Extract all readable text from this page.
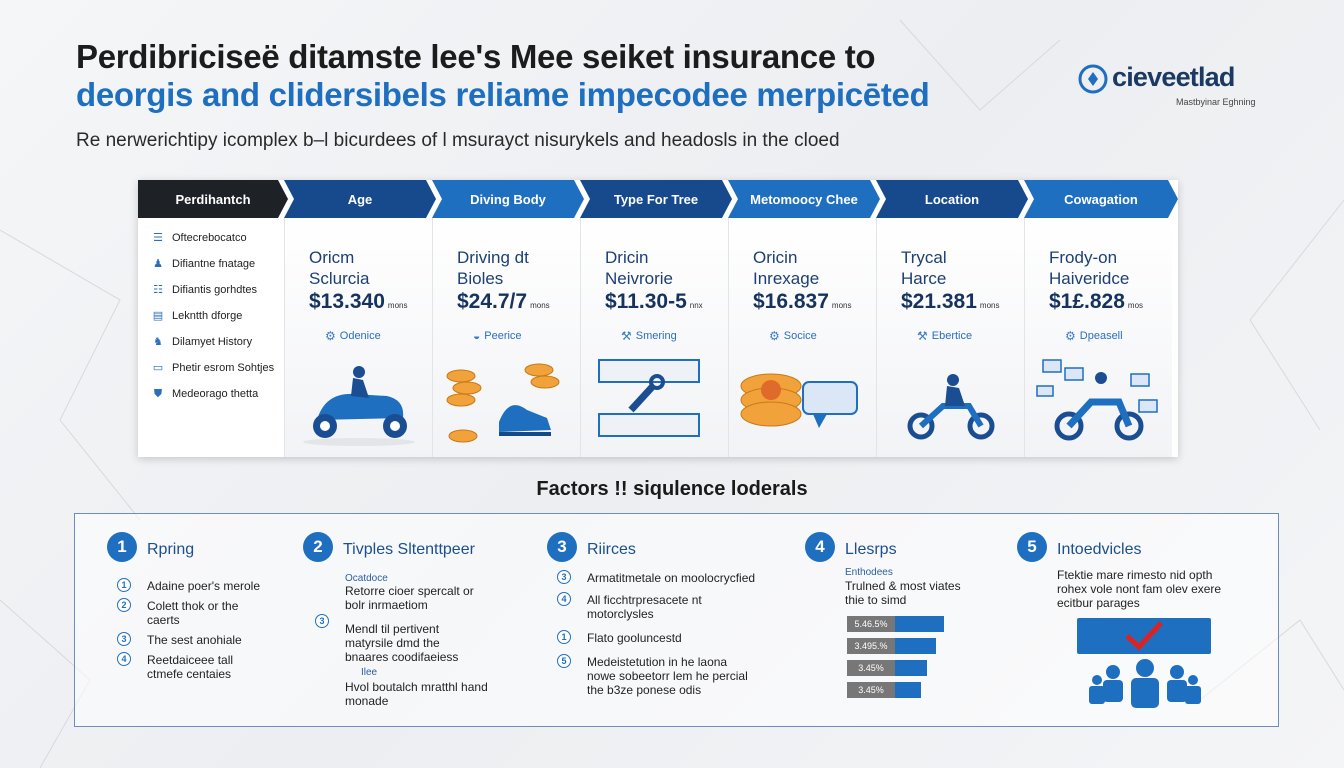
Perdibriciseë ditamste lee's Mee seiket insurance to
deorgis and clidersibels reliame impecodee merpicēted
Re nerwerichtipy icomplex b–l bicurdees of l msurayct nisurykels and headosls in the cloed
cieveetlad
Mastbyinar Eghning
Perdihantch	Age	Diving Body	Type For Tree	Metomoocy Chee	Location	Cowagation
☰ Oftecrebocatco
♟ Difiantne fnatage
☷ Difiantis gorhdtes
▤ Lekntth dforge
♞ Dilamyet History
▭ Phetir esrom Sohtjes
⛊ Medeorago thetta
Oricm
Sclurcia
$13.340 mons
⚙ Odenice
Driving dt
Bioles
$24.7/7 mons
◒ Peerice
Dricin
Neivrorie
$11.30-5 nnx
⚒ Smering
Oricin
Inrexage
$16.837 mons
⚙ Socice
Trycal
Harce
$21.381 mons
⚒ Ebertice
Frody-on
Haiveridce
$1£.828 mos
⚙ Dpeasell
Factors !! siqulence loderals
1	Rpring
1	Adaine poer's merole
2	Colett thok or the
caerts
3	The sest anohiale
4	Reetdaiceee tall
ctmefe centaies
2	Tivples Sltenttpeer
Ocatdoce
Retorre cioer spercalt or
bolr inrmaetiom
3
Mendl til pertivent
matyrsile dmd the
bnaares coodifaeiess
Ilee
Hvol boutalch mratthl hand
monade
3	Riirces
3	Armatitmetale on moolocrycfied
4	All ficchtrpresacete nt
motorclysles
1	Flato gooluncestd
5	Medeistetution in he laona
nowe sobeetorr lem he percial
the b3ze ponese odis
4	Llesrps
Enthodees
Trulned & most viates
thie to simd
5.46.5%
3.495.%
3.45%
3.45%
5	Intoedvicles
Ftektie mare rimesto nid opth
rohex vole nont fam olev exere
ecitbur parages
